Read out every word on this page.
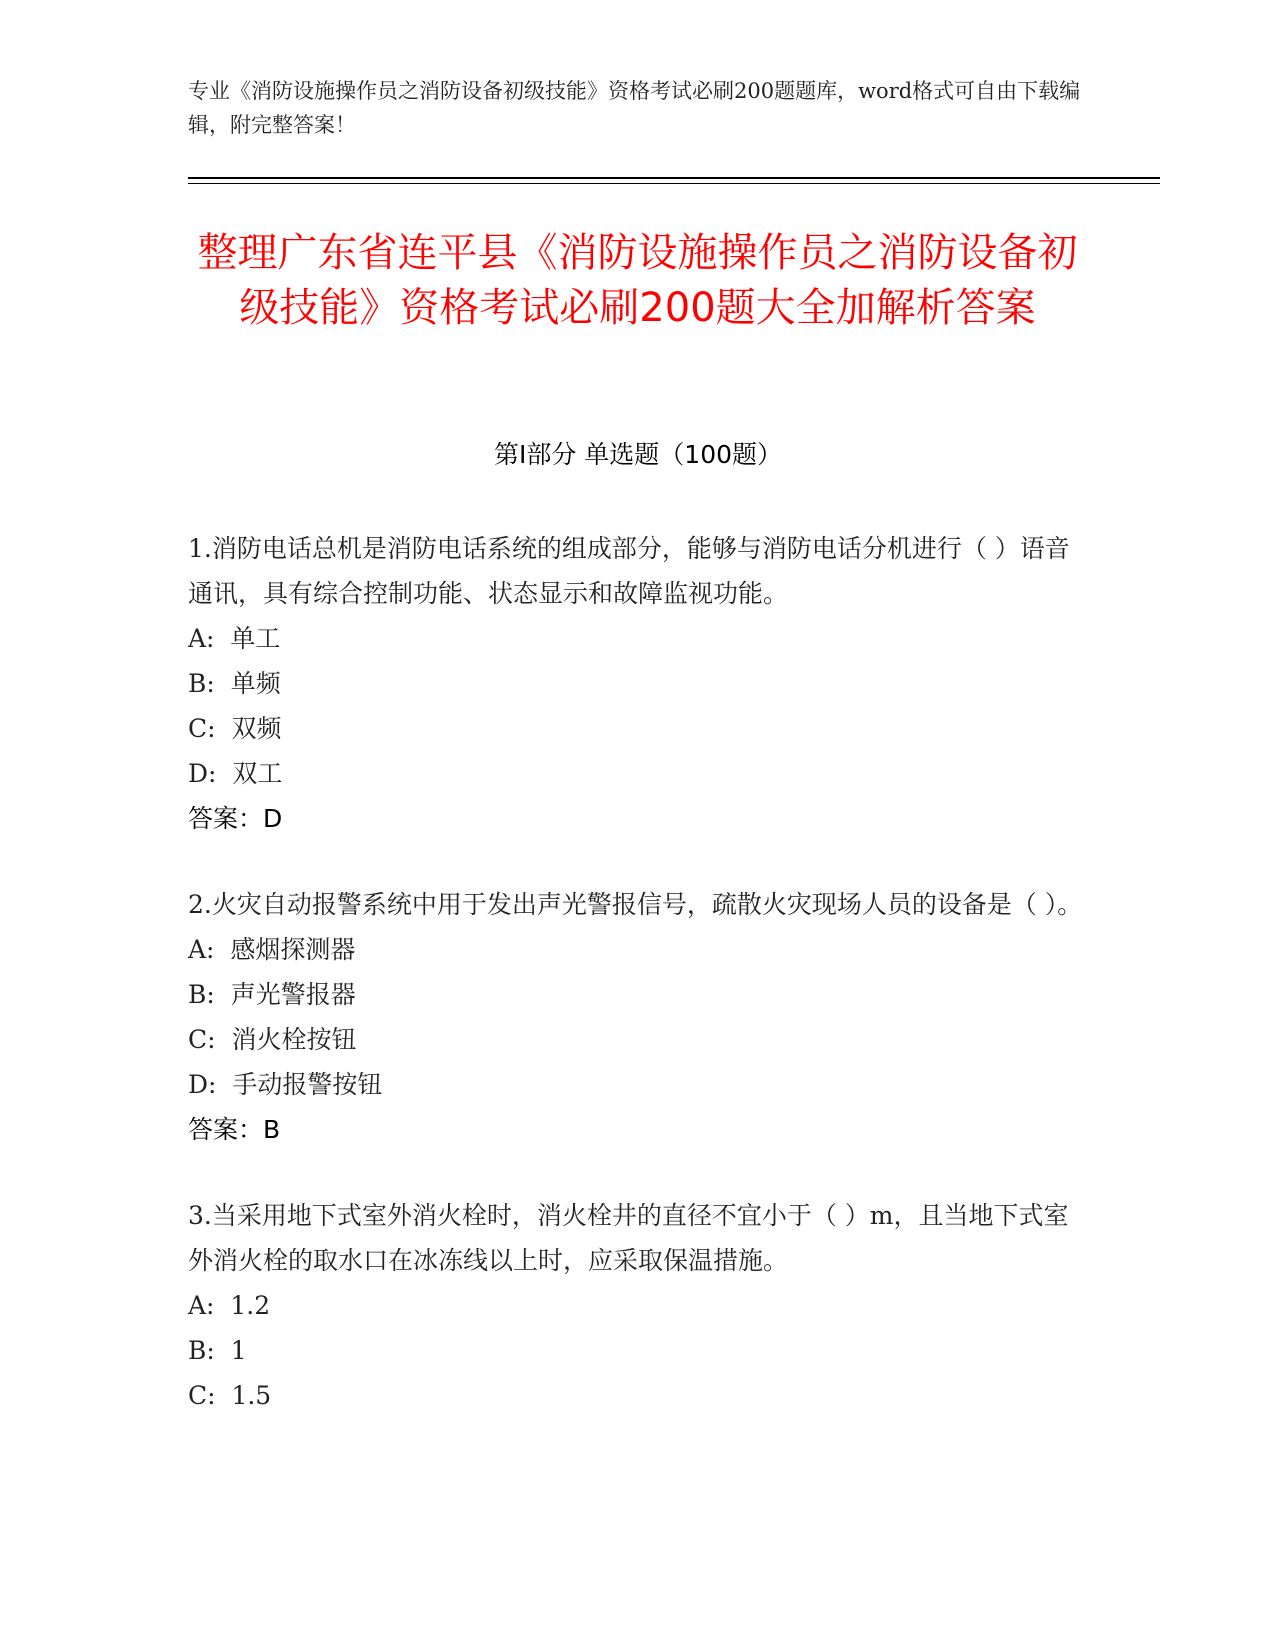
专业《消防设施操作员之消防设备初级技能》资格考试必刷200题题库，word格式可自由下载编辑，附完整答案！
整理广东省连平县《消防设施操作员之消防设备初级技能》资格考试必刷200题大全加解析答案
第Ⅰ部分 单选题（100题）
1.消防电话总机是消防电话系统的组成部分，能够与消防电话分机进行（ ）语音通讯，具有综合控制功能、状态显示和故障监视功能。
A:  单工
B:  单频
C:  双频
D:  双工
答案：D
2.火灾自动报警系统中用于发出声光警报信号，疏散火灾现场人员的设备是（ ）。
A:  感烟探测器
B:  声光警报器
C:  消火栓按钮
D:  手动报警按钮
答案：B
3.当采用地下式室外消火栓时，消火栓井的直径不宜小于（ ）m，且当地下式室外消火栓的取水口在冰冻线以上时，应采取保温措施。
A:  1.2
B:  1
C:  1.5
